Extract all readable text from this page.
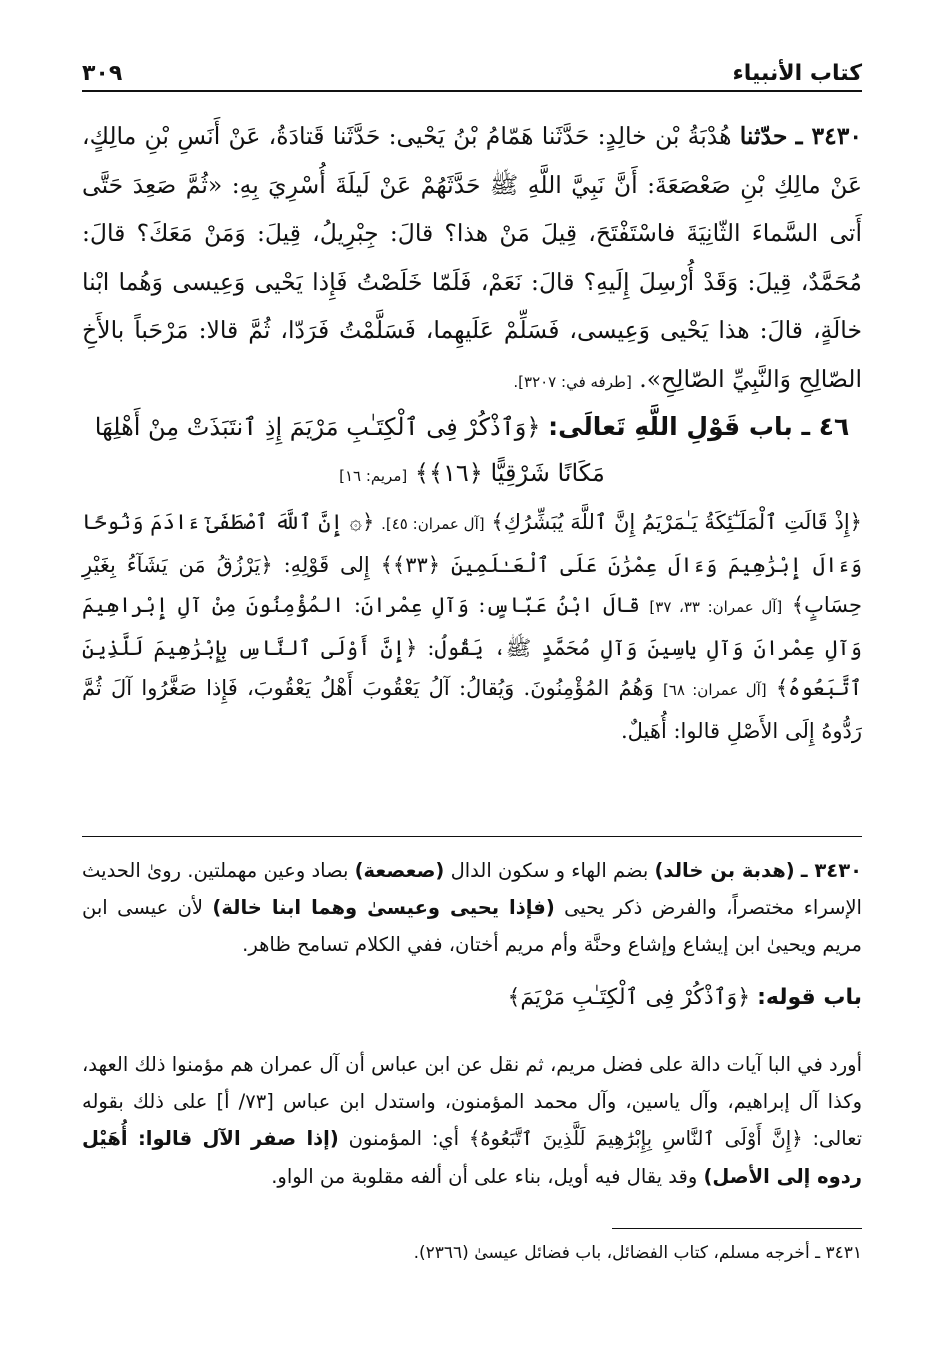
كتاب الأنبياء
٣٠٩
٣٤٣٠ ـ حدّثنا هُدْبَةُ بْن خالِدٍ: حَدَّثَنا هَمّامُ بْنُ يَحْيى: حَدَّثَنا قَتادَةُ، عَنْ أَنَسِ بْنِ مالِكٍ، عَنْ مالِكِ بْنِ صَعْصَعَةَ: أَنَّ نَبِيَّ اللَّهِ ﷺ حَدَّثَهُمْ عَنْ لَيلَةَ أُسْرِيَ بِهِ: «ثُمَّ صَعِدَ حَتَّى أَتى السَّماءَ الثّانِيَةَ فاسْتَفْتَحَ، قِيلَ مَنْ هذا؟ قالَ: جِبْرِيلُ، قِيلَ: وَمَنْ مَعَكَ؟ قالَ: مُحَمَّدٌ، قِيلَ: وَقَدْ أُرْسِلَ إِلَيهِ؟ قالَ: نَعَمْ، فَلَمّا خَلَصْتُ فَإِذا يَحْيى وَعِيسى وَهُما ابْنا خالَةٍ، قالَ: هذا يَحْيى وَعِيسى، فَسَلِّمْ عَلَيهِما، فَسَلَّمْتُ فَرَدّا، ثُمَّ قالا: مَرْحَباً بالأَخِ الصّالِحِ وَالنَّبِيِّ الصّالِحِ». [طرفه في: ٣٢٠٧].
٤٦ ـ باب قَوْلِ اللَّهِ تَعالَى: ﴿وَٱذْكُرْ فِى ٱلْكِتَـٰبِ مَرْيَمَ إِذِ ٱنتَبَذَتْ مِنْ أَهْلِهَا مَكَانًا شَرْقِيًّا ﴿١٦﴾﴾ [مريم: ١٦]
﴿إِذْ قَالَتِ ٱلْمَلَـٰٓئِكَةُ يَـٰمَرْيَمُ إِنَّ ٱللَّهَ يُبَشِّرُكِ﴾ [آل عمران: ٤٥]. ﴿۞ إِنَّ ٱللَّهَ ٱصْطَفَىٰٓ ءَادَمَ وَنُوحًا وَءَالَ إِبْرَٰهِيمَ وَءَالَ عِمْرَٰنَ عَلَى ٱلْعَـٰلَمِينَ ﴿٣٣﴾﴾ إِلى قَوْلِهِ: ﴿يَرْزُقُ مَن يَشَآءُ بِغَيْرِ حِسَابٍ﴾ [آل عمران: ٣٣، ٣٧] قالَ ابْنُ عَبّاسٍ: وَآلِ عِمْرانَ: المُؤْمِنُونَ مِنْ آلِ إِبْراهِيمَ وَآلِ عِمْرانَ وَآلِ ياسِينَ وَآلِ مُحَمَّدٍ ﷺ، يَقُولُ: ﴿إِنَّ أَوْلَى ٱلنَّاسِ بِإِبْرَٰهِيمَ لَلَّذِينَ ٱتَّبَعُوهُ﴾ [آل عمران: ٦٨] وَهُمُ المُؤْمِنُونَ. وَيُقالُ: آلُ يَعْقُوبَ أَهْلُ يَعْقُوبَ، فَإِذا صَغَّرُوا آلَ ثُمَّ رَدُّوهُ إِلَى الأَصْلِ قالوا: أُهَيلٌ.
٣٤٣٠ ـ (هدبة بن خالد) بضم الهاء و سكون الدال (صعصعة) بصاد وعين مهملتين. رویٰ الحديث الإسراء مختصراً، والفرض ذكر يحيى (فإذا يحيى وعيسىٰ وهما ابنا خالة) لأن عيسى ابن مريم ويحيىٰ ابن إيشاع وإشاع وحنَّة وأم مريم أختان، ففي الكلام تسامح ظاهر.
باب قوله: ﴿وَٱذْكُرْ فِى ٱلْكِتَـٰبِ مَرْيَمَ﴾
أورد في البا آيات دالة على فضل مريم، ثم نقل عن ابن عباس أن آل عمران هم مؤمنوا ذلك العهد، وكذا آل إبراهيم، وآل ياسين، وآل محمد المؤمنون، واستدل ابن عباس [٧٣/ أ] على ذلك بقوله تعالى: ﴿إِنَّ أَوْلَى ٱلنَّاسِ بِإِبْرَٰهِيمَ لَلَّذِينَ ٱتَّبَعُوهُ﴾ أي: المؤمنون (إذا صفر الآل قالوا: أُهَيْل ردوه إلى الأصل) وقد يقال فيه أويل، بناء على أن ألفه مقلوبة من الواو.
٣٤٣١ ـ أخرجه مسلم، كتاب الفضائل، باب فضائل عيسىٰ (٢٣٦٦).
